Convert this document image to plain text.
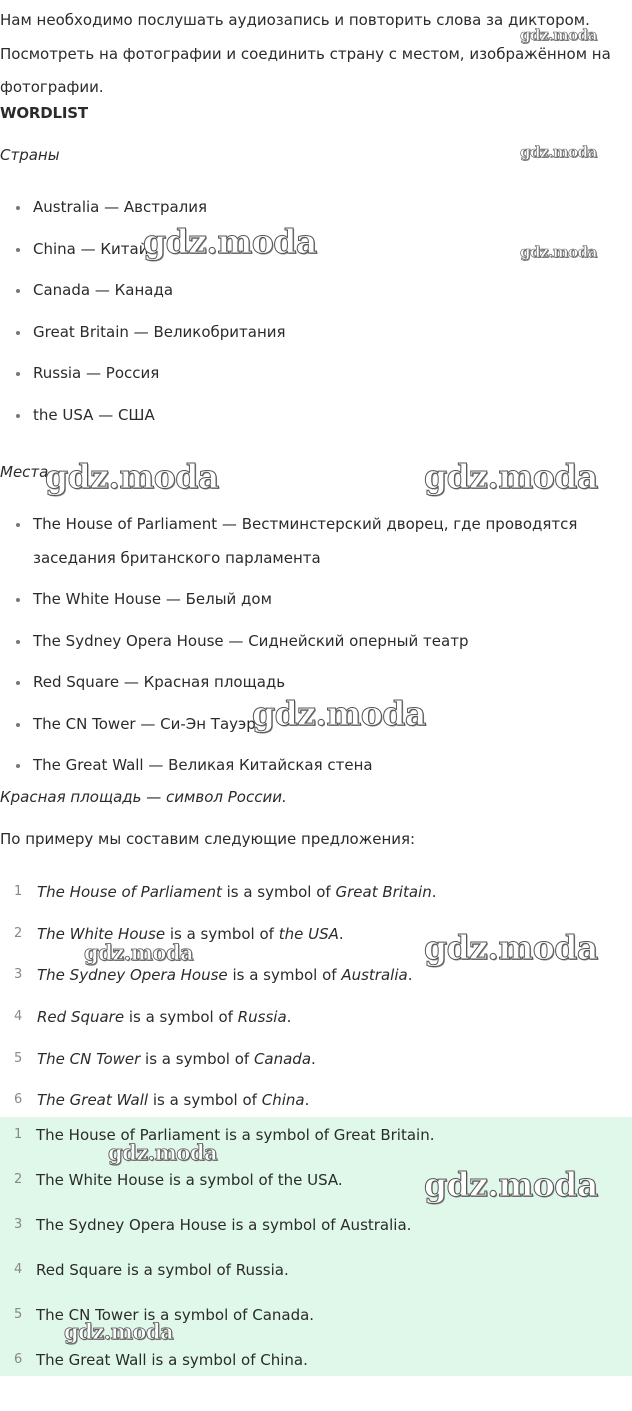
Нам необходимо послушать аудиозапись и повторить слова за диктором.
Посмотреть на фотографии и соединить страну с местом, изображённом на
фотографии.

WORDLIST
Страны
Australia — Австралия
China — Китай
Canada — Канада
Great Britain — Великобритания
Russia — Россия
the USA — США
Места
The House of Parliament — Вестминстерский дворец, где проводятся
заседания британского парламента
The White House — Белый дом
The Sydney Opera House — Сиднейский оперный театр
Red Square — Красная площадь
The CN Tower — Си-Эн Тауэр
The Great Wall — Великая Китайская стена
Красная площадь — символ России.
По примеру мы составим следующие предложения:
1 The House of Parliament is a symbol of Great Britain.
2 The White House is a symbol of the USA.
3 The Sydney Opera House is a symbol of Australia.
4 Red Square is a symbol of Russia.
5 The CN Tower is a symbol of Canada.
6 The Great Wall is a symbol of China.
1 The House of Parliament is a symbol of Great Britain.
2 The White House is a symbol of the USA.
3 The Sydney Opera House is a symbol of Australia.
4 Red Square is a symbol of Russia.
5 The CN Tower is a symbol of Canada.
6 The Great Wall is a symbol of China.
gdz.moda
gdz.moda
gdz.moda	gdz.moda
gdz.moda	gdz.moda
gdz.moda
gdz.moda	gdz.moda
gdz.moda
gdz.moda
gdz.moda
